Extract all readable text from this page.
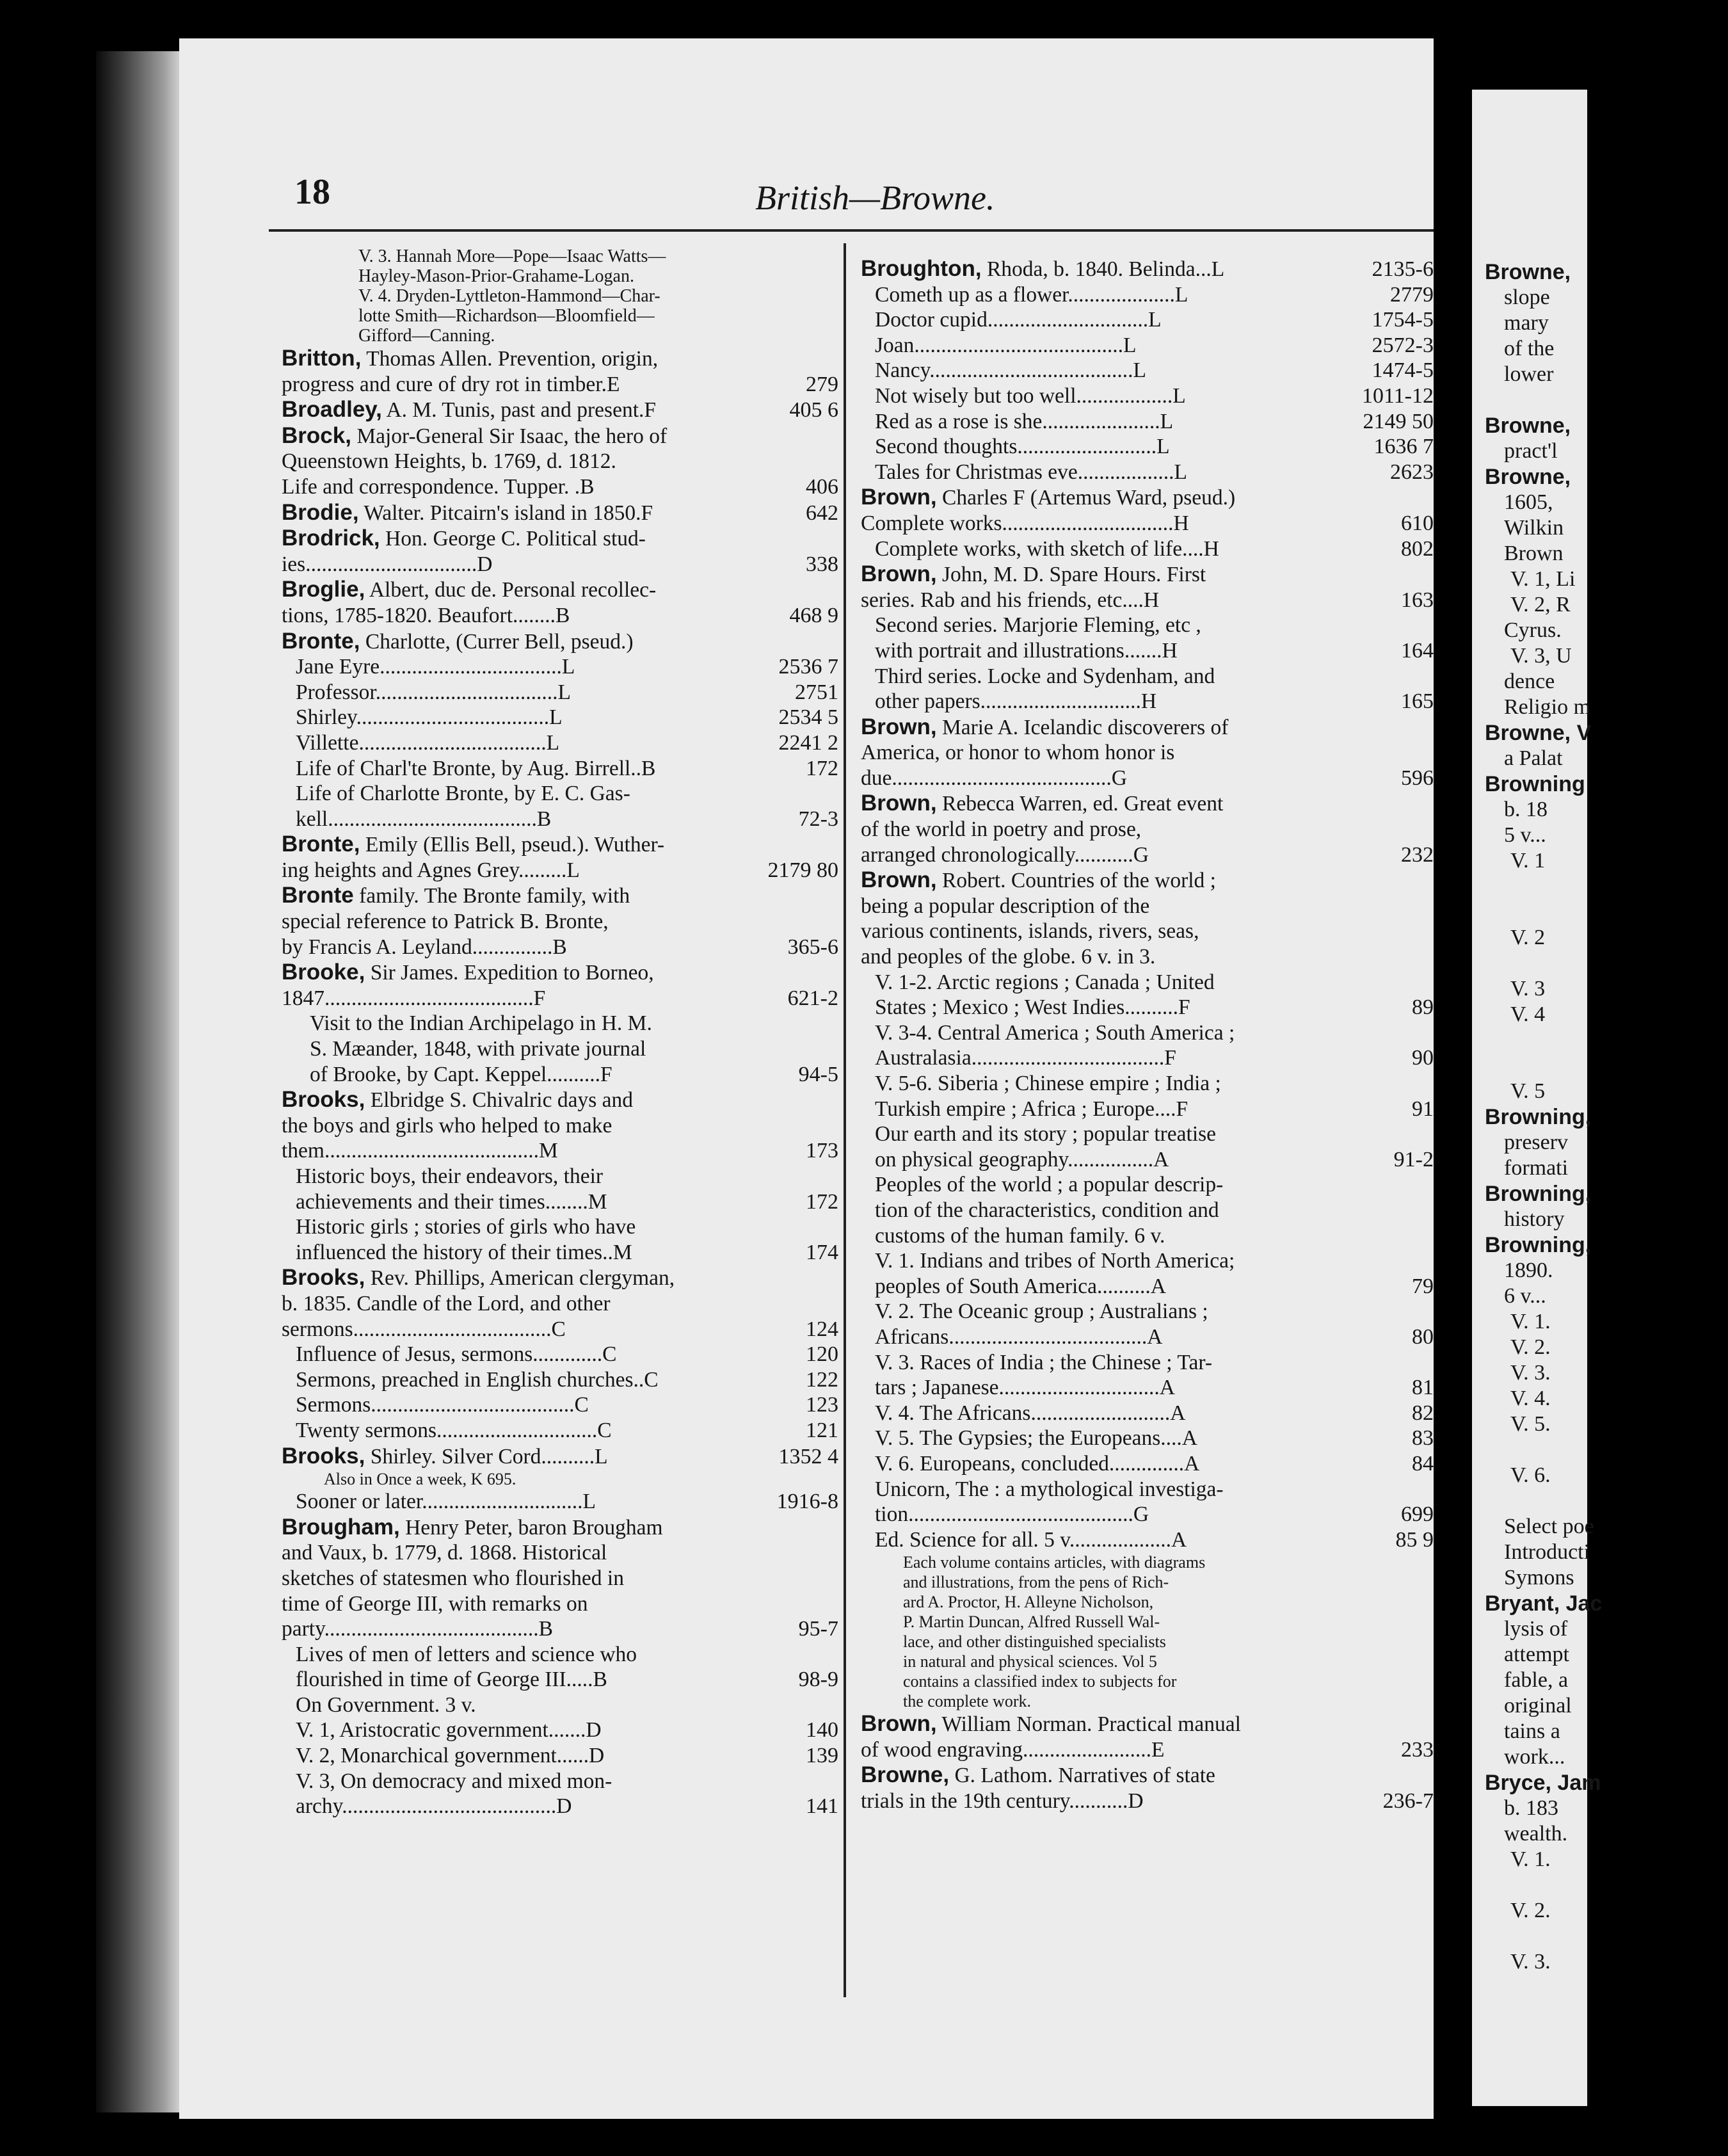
Browne,
slope
mary
of the
lower

Browne,
pract'l
Browne,
1605,
Wilkin
Brown
V. 1, Li
V. 2, R
Cyrus.
V. 3, U
dence
Religio m
Browne, V
a Palat
Browning
b. 18
5 v...
V. 1

V. 2

V. 3
V. 4

V. 5
Browning,
preserv
formati
Browning,
history
Browning,
1890.
6 v...
V. 1.
V. 2.
V. 3.
V. 4.
V. 5.

V. 6.

Select poe
Introducti
Symons
Bryant, Jac
lysis of
attempt
fable, a
original
tains a
work...
Bryce, Jam
b. 183
wealth.
V. 1.

V. 2.

V. 3.

18	British—Browne.
V. 3. Hannah More—Pope—Isaac Watts—
Hayley-Mason-Prior-Grahame-Logan.
V. 4. Dryden-Lyttleton-Hammond—Char-
lotte Smith—Richardson—Bloomfield—
Gifford—Canning.
Britton, Thomas Allen. Prevention, origin,
progress and cure of dry rot in timber.E	279
Broadley, A. M. Tunis, past and present.F	405 6
Brock, Major-General Sir Isaac, the hero of
Queenstown Heights, b. 1769, d. 1812.
Life and correspondence. Tupper. .B	406
Brodie, Walter. Pitcairn's island in 1850.F	642
Brodrick, Hon. George C. Political stud-
ies................................D	338
Broglie, Albert, duc de. Personal recollec-
tions, 1785-1820. Beaufort........B	468 9
Bronte, Charlotte, (Currer Bell, pseud.)
Jane Eyre..................................L	2536 7
Professor..................................L	2751
Shirley....................................L	2534 5
Villette...................................L	2241 2
Life of Charl'te Bronte, by Aug. Birrell..B	172
Life of Charlotte Bronte, by E. C. Gas-
kell.......................................B	72-3
Bronte, Emily (Ellis Bell, pseud.). Wuther-
ing heights and Agnes Grey.........L	2179 80
Bronte family. The Bronte family, with
special reference to Patrick B. Bronte,
by Francis A. Leyland...............B	365-6
Brooke, Sir James. Expedition to Borneo,
1847.......................................F	621-2
Visit to the Indian Archipelago in H. M.
S. Mæander, 1848, with private journal
of Brooke, by Capt. Keppel..........F	94-5
Brooks, Elbridge S. Chivalric days and
the boys and girls who helped to make
them........................................M	173
Historic boys, their endeavors, their
achievements and their times........M	172
Historic girls ; stories of girls who have
influenced the history of their times..M	174
Brooks, Rev. Phillips, American clergyman,
b. 1835. Candle of the Lord, and other
sermons.....................................C	124
Influence of Jesus, sermons.............C	120
Sermons, preached in English churches..C	122
Sermons......................................C	123
Twenty sermons..............................C	121
Brooks, Shirley. Silver Cord..........L	1352 4
Also in Once a week, K 695.
Sooner or later..............................L	1916-8
Brougham, Henry Peter, baron Brougham
and Vaux, b. 1779, d. 1868. Historical
sketches of statesmen who flourished in
time of George III, with remarks on
party........................................B	95-7
Lives of men of letters and science who
flourished in time of George III.....B	98-9
On Government. 3 v.
V. 1, Aristocratic government.......D	140
V. 2, Monarchical government......D	139
V. 3, On democracy and mixed mon-
archy........................................D	141
Broughton, Rhoda, b. 1840. Belinda...L	2135-6
Cometh up as a flower....................L	2779
Doctor cupid..............................L	1754-5
Joan.......................................L	2572-3
Nancy......................................L	1474-5
Not wisely but too well..................L	1011-12
Red as a rose is she......................L	2149 50
Second thoughts..........................L	1636 7
Tales for Christmas eve..................L	2623
Brown, Charles F (Artemus Ward, pseud.)
Complete works................................H	610
Complete works, with sketch of life....H	802
Brown, John, M. D. Spare Hours. First
series. Rab and his friends, etc....H	163
Second series. Marjorie Fleming, etc ,
with portrait and illustrations.......H	164
Third series. Locke and Sydenham, and
other papers..............................H	165
Brown, Marie A. Icelandic discoverers of
America, or honor to whom honor is
due.........................................G	596
Brown, Rebecca Warren, ed. Great event
of the world in poetry and prose,
arranged chronologically...........G	232
Brown, Robert. Countries of the world ;
being a popular description of the
various continents, islands, rivers, seas,
and peoples of the globe. 6 v. in 3.
V. 1-2. Arctic regions ; Canada ; United
States ; Mexico ; West Indies..........F	89
V. 3-4. Central America ; South America ;
Australasia....................................F	90
V. 5-6. Siberia ; Chinese empire ; India ;
Turkish empire ; Africa ; Europe....F	91
Our earth and its story ; popular treatise
on physical geography................A	91-2
Peoples of the world ; a popular descrip-
tion of the characteristics, condition and
customs of the human family. 6 v.
V. 1. Indians and tribes of North America;
peoples of South America..........A	79
V. 2. The Oceanic group ; Australians ;
Africans.....................................A	80
V. 3. Races of India ; the Chinese ; Tar-
tars ; Japanese..............................A	81
V. 4. The Africans..........................A	82
V. 5. The Gypsies; the Europeans....A	83
V. 6. Europeans, concluded..............A	84
Unicorn, The : a mythological investiga-
tion..........................................G	699
Ed. Science for all. 5 v...................A	85 9
Each volume contains articles, with diagrams
and illustrations, from the pens of Rich-
ard A. Proctor, H. Alleyne Nicholson,
P. Martin Duncan, Alfred Russell Wal-
lace, and other distinguished specialists
in natural and physical sciences. Vol 5
contains a classified index to subjects for
the complete work.
Brown, William Norman. Practical manual
of wood engraving........................E	233
Browne, G. Lathom. Narratives of state
trials in the 19th century...........D	236-7
